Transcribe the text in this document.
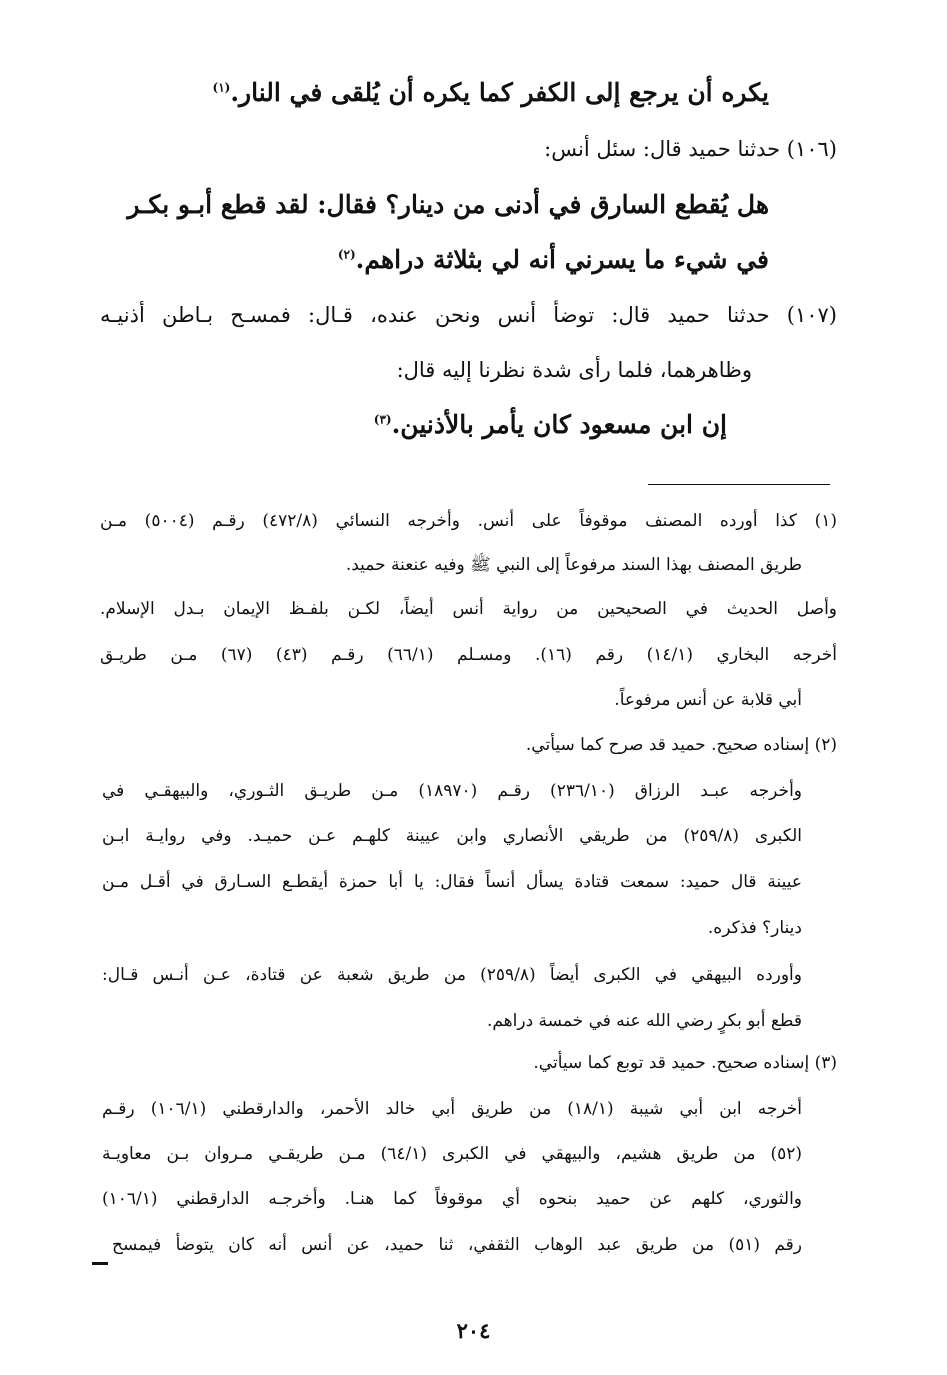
يكره أن يرجع إلى الكفر كما يكره أن يُلقى في النار.$^{(١)}$
(١٠٦) حدثنا حميد قال: سئل أنس:
هل يُقطع السارق في أدنى من دينار؟ فقال: لقد قطع أبـو بكـر
في شيء ما يسرني أنه لي بثلاثة دراهم.$^{(٢)}$
(١٠٧) حدثنا حميد قال: توضأ أنس ونحن عنده، قـال: فمسـح بـاطن أذنيـه
وظاهرهما، فلما رأى شدة نظرنا إليه قال:
إن ابن مسعود كان يأمر بالأذنين.$^{(٣)}$
(١) كذا أورده المصنف موقوفاً على أنس. وأخرجه النسائي (٤٧٢/٨) رقـم (٥٠٠٤) مـن
طريق المصنف بهذا السند مرفوعاً إلى النبي ﷺ وفيه عنعنة حميد.
وأصل الحديث في الصحيحين من رواية أنس أيضاً، لكـن بلفـظ الإيمان بـدل الإسلام.
أخرجه البخاري (١٤/١) رقم (١٦). ومسـلم (٦٦/١) رقـم (٤٣) (٦٧) مـن طريـق
أبي قلابة عن أنس مرفوعاً.
(٢) إسناده صحيح. حميد قد صرح كما سيأتي.
وأخرجه عبـد الرزاق (٢٣٦/١٠) رقـم (١٨٩٧٠) مـن طريـق الثـوري، والبيهقـي في
الكبرى (٢٥٩/٨) من طريقي الأنصاري وابن عيينة كلهـم عـن حميـد. وفي روايـة ابـن
عيينة قال حميد: سمعت قتادة يسأل أنساً فقال: يا أبا حمزة أيقطـع السـارق في أقـل مـن
دينار؟ فذكره.
وأورده البيهقي في الكبرى أيضاً (٢٥٩/٨) من طريق شعبة عن قتادة، عـن أنـس قـال:
قطع أبو بكرٍ رضي الله عنه في خمسة دراهم.
(٣) إسناده صحيح. حميد قد توبع كما سيأتي.
أخرجه ابن أبي شيبة (١٨/١) من طريق أبي خالد الأحمر، والدارقطني (١٠٦/١) رقـم
(٥٢) من طريق هشيم، والبيهقي في الكبرى (٦٤/١) مـن طريقـي مـروان بـن معاويـة
والثوري، كلهم عن حميد بنحوه أي موقوفاً كما هنـا. وأخرجـه الدارقطني (١٠٦/١)
رقم (٥١) من طريق عبد الوهاب الثقفي، ثنا حميد، عن أنس أنه كان يتوضأ فيمسح
٢٠٤
